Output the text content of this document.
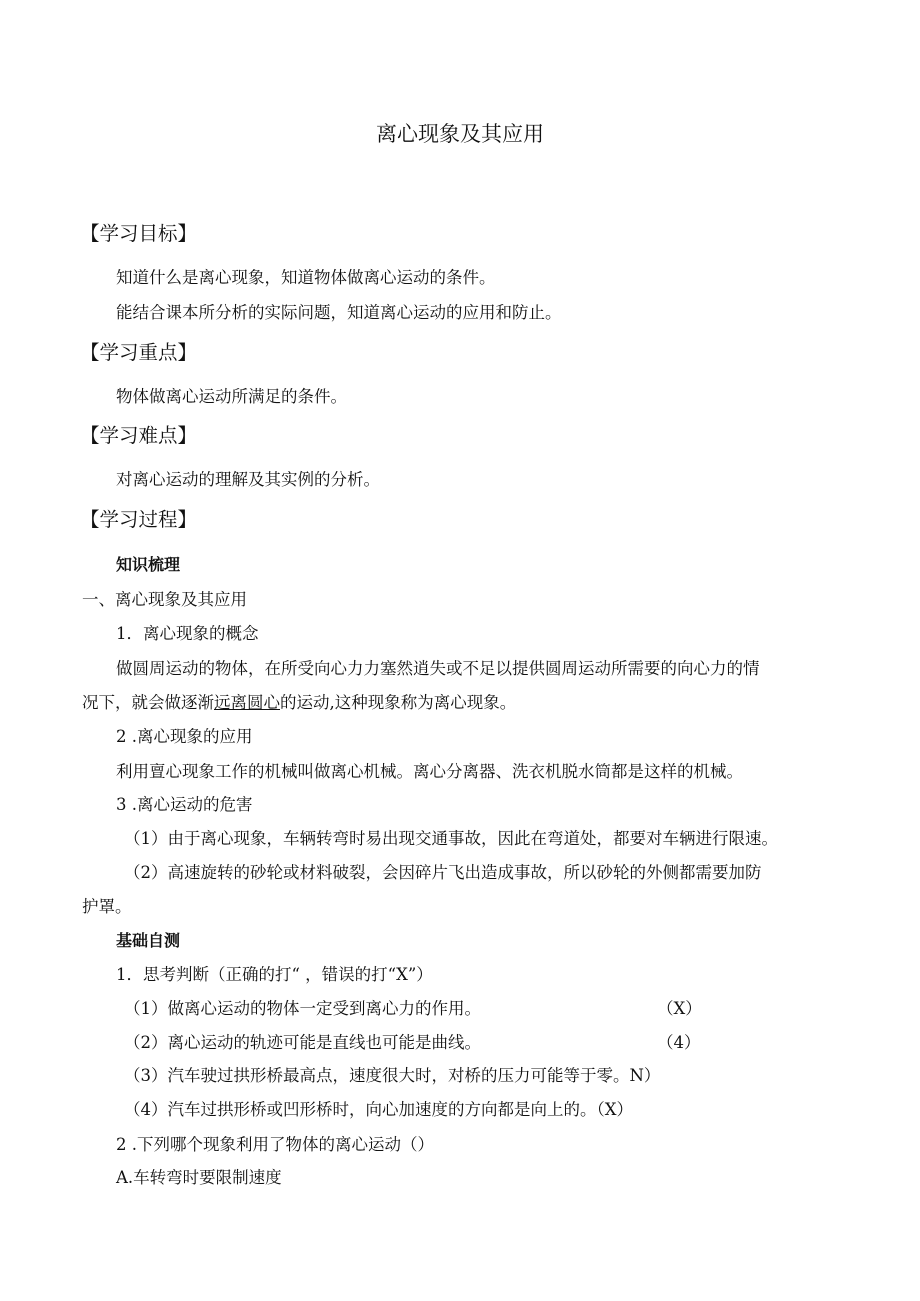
离心现象及其应用
【学习目标】
知道什么是离心现象，知道物体做离心运动的条件。
能结合课本所分析的实际问题，知道离心运动的应用和防止。
【学习重点】
物体做离心运动所满足的条件。
【学习难点】
对离心运动的理解及其实例的分析。
【学习过程】
知识梳理
一、离心现象及其应用
1．离心现象的概念
做圆周运动的物体，在所受向心力力塞然逍失或不足以提供圆周运动所需要的向心力的情
况下，就会做逐渐远离圆心的运动,这种现象称为离心现象。
2 .离心现象的应用
利用亶心现象工作的机械叫做离心机械。离心分离器、洗衣机脱水筒都是这样的机械。
3 .离心运动的危害
（1）由于离心现象，车辆转弯时易出现交通事故，因此在弯道处，都要对车辆进行限速。
（2）高速旋转的砂轮或材料破裂，会因碎片飞出造成事故，所以砂轮的外侧都需要加防
护罩。
基础自测
1．思考判断（正确的打“ ，错误的打“X”）
（1）做离心运动的物体一定受到离心力的作用。	（X）
（2）离心运动的轨迹可能是直线也可能是曲线。	（4）
（3）汽车驶过拱形桥最高点，速度很大时，对桥的压力可能等于零。N）
（4）汽车过拱形桥或凹形桥时，向心加速度的方向都是向上的。（X）
2 .下列哪个现象利用了物体的离心运动（）
A.车转弯时要限制速度
